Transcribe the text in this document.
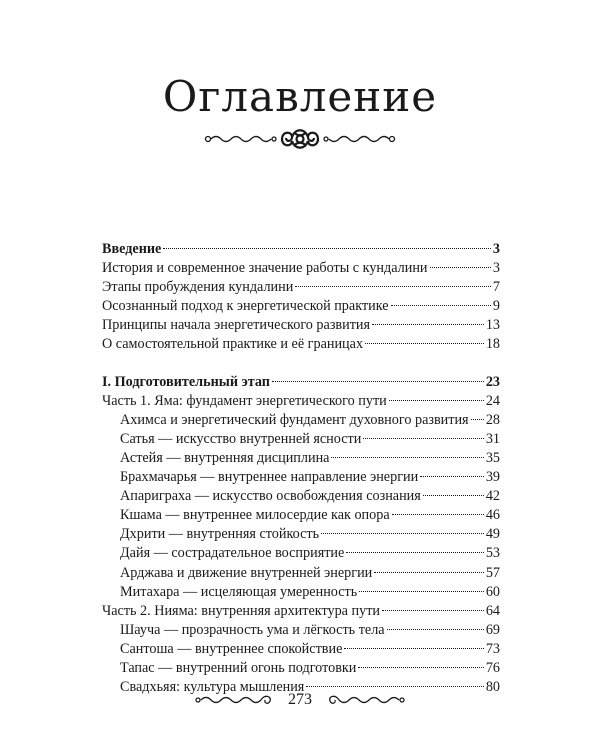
Оглавление
Введение	3
История и современное значение работы с кундалини	3
Этапы пробуждения кундалини	7
Осознанный подход к энергетической практике	9
Принципы начала энергетического развития	13
О самостоятельной практике и её границах	18
I. Подготовительный этап	23
Часть 1. Яма: фундамент энергетического пути	24
Ахимса и энергетический фундамент духовного развития 28
Сатья — искусство внутренней ясности	31
Астейя — внутренняя дисциплина	35
Брахмачарья — внутреннее направление энергии	39
Апариграха — искусство освобождения сознания	42
Кшама — внутреннее милосердие как опора	46
Дхрити — внутренняя стойкость	49
Дайя — сострадательное восприятие	53
Арджава и движение внутренней энергии	57
Митахара — исцеляющая умеренность	60
Часть 2. Нияма: внутренняя архитектура пути	64
Шауча — прозрачность ума и лёгкость тела	69
Сантоша — внутреннее спокойствие	73
Тапас — внутренний огонь подготовки	76
Свадхьяя: культура мышления	80
273
